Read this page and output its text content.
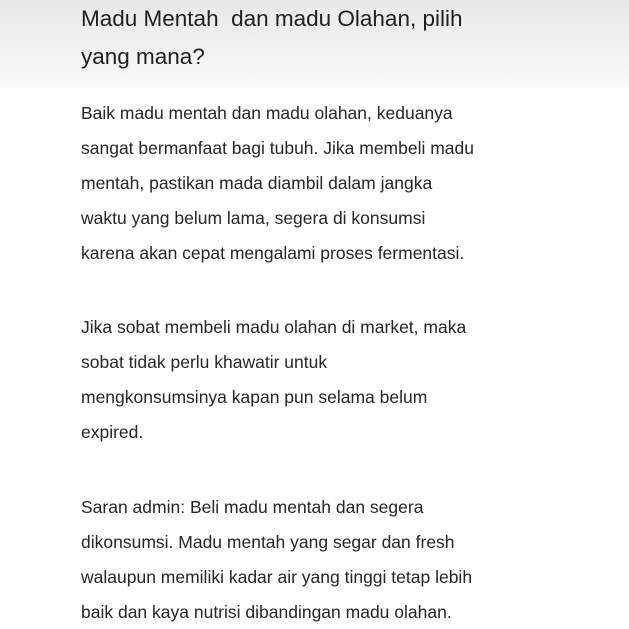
Madu Mentah  dan madu Olahan, pilih
yang mana?

Baik madu mentah dan madu olahan, keduanya
sangat bermanfaat bagi tubuh. Jika membeli madu
mentah, pastikan mada diambil dalam jangka
waktu yang belum lama, segera di konsumsi
karena akan cepat mengalami proses fermentasi.

Jika sobat membeli madu olahan di market, maka
sobat tidak perlu khawatir untuk
mengkonsumsinya kapan pun selama belum
expired.

Saran admin: Beli madu mentah dan segera
dikonsumsi. Madu mentah yang segar dan fresh
walaupun memiliki kadar air yang tinggi tetap lebih
baik dan kaya nutrisi dibandingan madu olahan.
